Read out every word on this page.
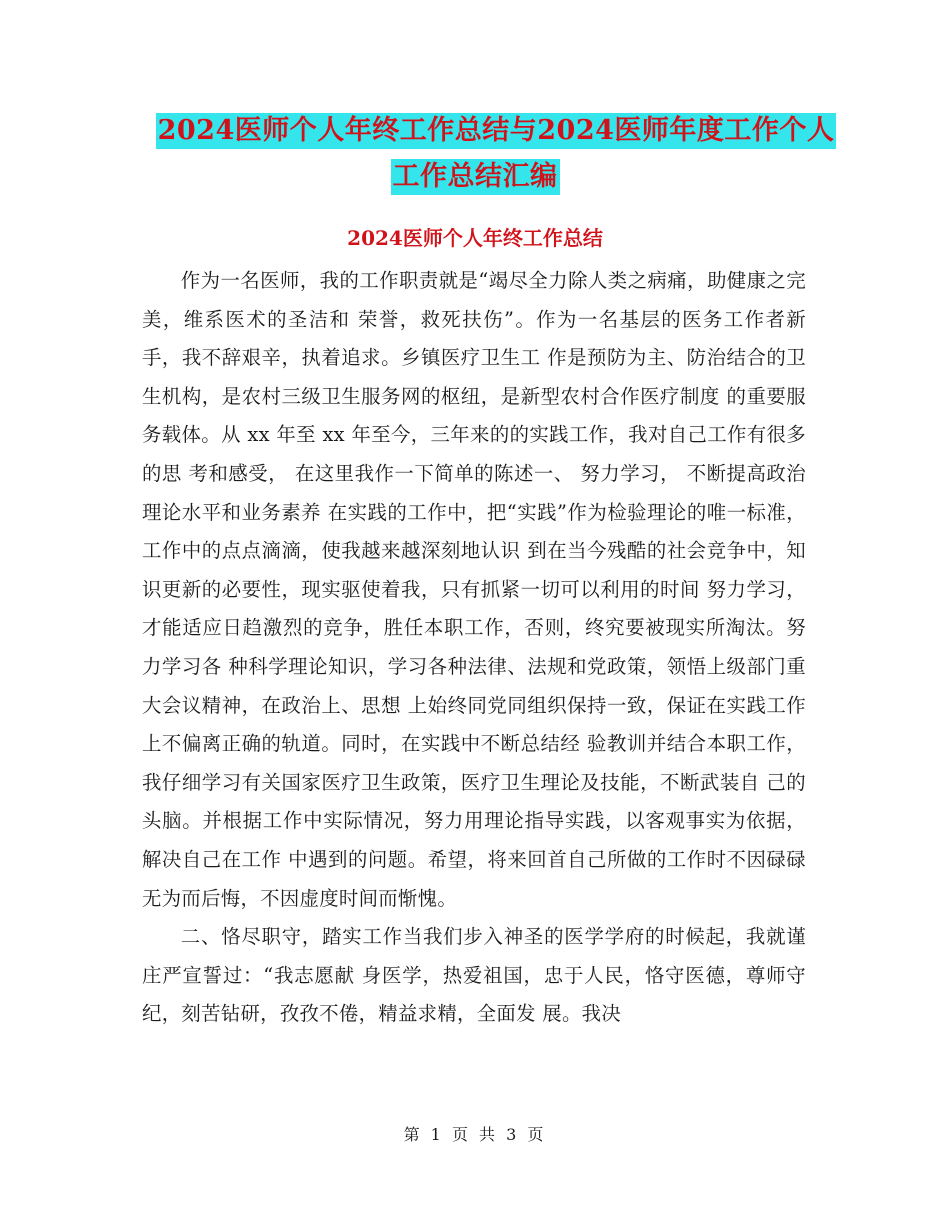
2024医师个人年终工作总结与2024医师年度工作个人
工作总结汇编
2024医师个人年终工作总结

作为一名医师，我的工作职责就是“竭尽全力除人类之病痛，助健康之完美，维系医术的圣洁和 荣誉，救死扶伤”。作为一名基层的医务工作者新手，我不辞艰辛，执着追求。乡镇医疗卫生工 作是预防为主、防治结合的卫生机构，是农村三级卫生服务网的枢纽，是新型农村合作医疗制度 的重要服务载体。从 xx 年至 xx 年至今，三年来的的实践工作，我对自己工作有很多的思 考和感受， 在这里我作一下简单的陈述一、 努力学习， 不断提高政治理论水平和业务素养 在实践的工作中，把“实践”作为检验理论的唯一标准，工作中的点点滴滴，使我越来越深刻地认识 到在当今残酷的社会竞争中，知识更新的必要性，现实驱使着我，只有抓紧一切可以利用的时间 努力学习，才能适应日趋激烈的竞争，胜任本职工作，否则，终究要被现实所淘汰。努力学习各 种科学理论知识，学习各种法律、法规和党政策，领悟上级部门重大会议精神，在政治上、思想 上始终同党同组织保持一致，保证在实践工作上不偏离正确的轨道。同时，在实践中不断总结经 验教训并结合本职工作，我仔细学习有关国家医疗卫生政策，医疗卫生理论及技能，不断武装自 己的头脑。并根据工作中实际情况，努力用理论指导实践，以客观事实为依据，解决自己在工作 中遇到的问题。希望，将来回首自己所做的工作时不因碌碌无为而后悔，不因虚度时间而惭愧。

二、恪尽职守，踏实工作当我们步入神圣的医学学府的时候起，我就谨庄严宣誓过：“我志愿献 身医学，热爱祖国，忠于人民，恪守医德，尊师守纪，刻苦钻研，孜孜不倦，精益求精，全面发 展。我决

第 1 页 共 3 页
